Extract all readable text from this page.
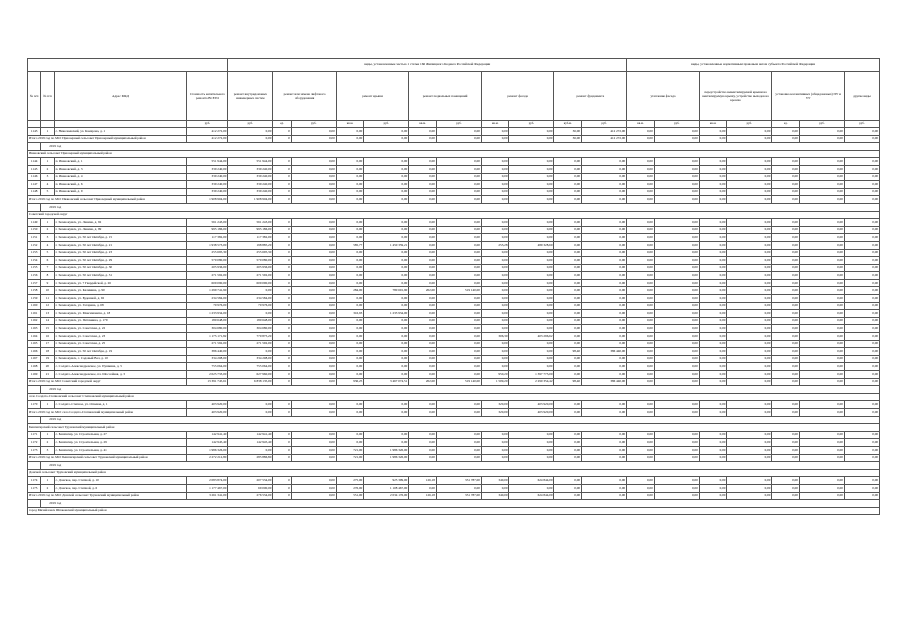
				виды, установленные частью 1 статьи 166 Жилищного Кодекса Российской Федерации											виды, установленные нормативным правовым актом субъекта Российской Федерации						
№ п/п	№ п/п	Адрес МКД	Стоимость капитального ремонта ВСЕГО	ремонт внутридомовых инженерных систем	ремонт или замена лифтового оборудования		ремонт крыши		ремонт подвальных помещений		ремонт фасада		ремонт фундамента		утепление фасада		переустройство невентилируемой крыши на вентилируемую крышу, устройство выходов на кровлю		установка коллективных (общедомовых) ПУ и УУ		другие виды
			руб.	руб.	ед.	руб.	кв.м.	руб.	кв.м.	руб.	кв.м.	руб.	куб.м.	руб.	кв.м.	руб.	кв.м.	руб.	ед.	руб.	руб.
1143	1	с. Николаевский, ул. Комарова, д. 1	412 272,00	0,00	0	0,00	0,00	0,00	0,00	0,00	0,00	0,00	36,00	412 272,00	0,00	0,00	0,00	0,00	0,00	0,00	0,00
Итого 2019 год по МО: Приозерный сельсовет Приозерный муниципальный район			412 272,00	0,00	0	0,00	0,00	0,00	0,00	0,00	0,00	0,00	36,00	412 272,00	0,00	0,00	0,00	0,00	0,00	0,00	0,00
	2019 год																				
Ивановский сельсовет Приозерный муниципальный район																					
1144	1	п. Ивановский, д. 1	551 944,00	551 944,00	0	0,00	0,00	0,00	0,00	0,00	0,00	0,00	0,00	0,00	0,00	0,00	0,00	0,00	0,00	0,00	0,00
1145	2	п. Ивановский, д. 3	339 240,00	339 240,00	0	0,00	0,00	0,00	0,00	0,00	0,00	0,00	0,00	0,00	0,00	0,00	0,00	0,00	0,00	0,00	0,00
1146	3	п. Ивановский, д. 4	339 240,00	339 240,00	0	0,00	0,00	0,00	0,00	0,00	0,00	0,00	0,00	0,00	0,00	0,00	0,00	0,00	0,00	0,00	0,00
1147	4	п. Ивановский, д. 6	339 240,00	339 240,00	0	0,00	0,00	0,00	0,00	0,00	0,00	0,00	0,00	0,00	0,00	0,00	0,00	0,00	0,00	0,00	0,00
1148	5	п. Ивановский, д. 9	339 240,00	339 240,00	0	0,00	0,00	0,00	0,00	0,00	0,00	0,00	0,00	0,00	0,00	0,00	0,00	0,00	0,00	0,00	0,00
Итого 2019 год по МО: Ивановский сельсовет Приозерный муниципальный район			1 908 904,00	1 908 904,00	0	0,00	0,00	0,00	0,00	0,00	0,00	0,00	0,00	0,00	0,00	0,00	0,00	0,00	0,00	0,00	0,00
	2019 год																				
Советский городской округ																					
1149	1	г. Зеленокумск, ул. Ленина, д. 92	561 243,00	561 243,00	0	0,00	0,00	0,00	0,00	0,00	0,00	0,00	0,00	0,00	0,00	0,00	0,00	0,00	0,00	0,00	0,00
1150	2	г. Зеленокумск, ул. Ленина, д. 99	995 186,00	995 186,00	0	0,00	0,00	0,00	0,00	0,00	0,00	0,00	0,00	0,00	0,00	0,00	0,00	0,00	0,00	0,00	0,00
1151	3	г. Зеленокумск, ул. 50 лет Октября, д. 15	117 382,00	117 382,00	0	0,00	0,00	0,00	0,00	0,00	0,00	0,00	0,00	0,00	0,00	0,00	0,00	0,00	0,00	0,00	0,00
1152	4	г. Зеленокумск, ул. 50 лет Октября, д. 21	1 938 573,00	198 885,20	0	0,00	585,77	1 450 359,21	0,00	0,00	253,28	489 328,60	0,00	0,00	0,00	0,00	0,00	0,00	0,00	0,00	0,00
1153	5	г. Зеленокумск, ул. 50 лет Октября, д. 23	255 695,30	255 695,30	0	0,00	0,00	0,00	0,00	0,00	0,00	0,00	0,00	0,00	0,00	0,00	0,00	0,00	0,00	0,00	0,00
1154	6	г. Зеленокумск, ул. 50 лет Октября, д. 29	570 080,00	570 080,00	0	0,00	0,00	0,00	0,00	0,00	0,00	0,00	0,00	0,00	0,00	0,00	0,00	0,00	0,00	0,00	0,00
1155	7	г. Зеленокумск, ул. 50 лет Октября, д. 30	205 936,00	205 936,00	0	0,00	0,00	0,00	0,00	0,00	0,00	0,00	0,00	0,00	0,00	0,00	0,00	0,00	0,00	0,00	0,00
1156	8	г. Зеленокумск, ул. 50 лет Октября, д. 31	271 592,00	271 592,00	0	0,00	0,00	0,00	0,00	0,00	0,00	0,00	0,00	0,00	0,00	0,00	0,00	0,00	0,00	0,00	0,00
1157	9	г. Зеленокумск, ул. 7 Гвардейской, д. 26	609 090,00	609 090,00	0	0,00	0,00	0,00	0,00	0,00	0,00	0,00	0,00	0,00	0,00	0,00	0,00	0,00	0,00	0,00	0,00
1158	10	г. Зеленокумск, ул. Калинина, д. 90	1 299 741,90	0,00	0	0,00	284,00	780 601,90	202,00	519 140,00	0,00	0,00	0,00	0,00	0,00	0,00	0,00	0,00	0,00	0,00	0,00
1159	11	г. Зеленокумск, ул. Буденной, д. 92	234 584,00	234 584,00	0	0,00	0,00	0,00	0,00	0,00	0,00	0,00	0,00	0,00	0,00	0,00	0,00	0,00	0,00	0,00	0,00
1160	12	г. Зеленокумск, ул. Гагарина, д. 68	70 976,00	70 976,00	0	0,00	0,00	0,00	0,00	0,00	0,00	0,00	0,00	0,00	0,00	0,00	0,00	0,00	0,00	0,00	0,00
1161	13	г. Зеленокумск, ул. Максимовича, д. 18	1 233 934,00	0,00	0	0,00	316,93	1 233 934,00	0,00	0,00	0,00	0,00	0,00	0,00	0,00	0,00	0,00	0,00	0,00	0,00	0,00
1162	14	г. Зеленокумск, ул. Пятачкина, д. 179	180 648,00	180 648,00	0	0,00	0,00	0,00	0,00	0,00	0,00	0,00	0,00	0,00	0,00	0,00	0,00	0,00	0,00	0,00	0,00
1163	15	г. Зеленокумск, ул. Советская, д. 22	304 680,00	304 680,00	0	0,00	0,00	0,00	0,00	0,00	0,00	0,00	0,00	0,00	0,00	0,00	0,00	0,00	0,00	0,00	0,00
1164	16	г. Зеленокумск, ул. Советская, д. 23	1 175 171,82	770 875,20	0	0,00	0,00	0,00	0,00	0,00	306,30	403 296,62	0,00	0,00	0,00	0,00	0,00	0,00	0,00	0,00	0,00
1165	17	г. Зеленокумск, ул. Советская, д. 25	271 592,00	271 592,00	0	0,00	0,00	0,00	0,00	0,00	0,00	0,00	0,00	0,00	0,00	0,00	0,00	0,00	0,00	0,00	0,00
1166	18	г. Зеленокумск, ул. 50 лет Октября, д. 19	386 440,00	0,00	0	0,00	0,00	0,00	0,00	0,00	0,00	0,00	98,40	386 440,00	0,00	0,00	0,00	0,00	0,00	0,00	0,00
1167	19	г. Зеленокумск, с. Садовый Вал, д. 10	334 208,00	334 208,00	0	0,00	0,00	0,00	0,00	0,00	0,00	0,00	0,00	0,00	0,00	0,00	0,00	0,00	0,00	0,00	0,00
1168	20	с. Солдато-Александровское, ул. Пушкина, д. 5	755 064,00	755 064,00	0	0,00	0,00	0,00	0,00	0,00	0,00	0,00	0,00	0,00	0,00	0,00	0,00	0,00	0,00	0,00	0,00
1169	21	с. Солдато-Александровское, пл. Шоссейная, д. 3	2 025 733,00	627 960,00	0	0,00	0,00	0,00	0,00	0,00	950,20	1 397 773,00	0,00	0,00	0,00	0,00	0,00	0,00	0,00	0,00	0,00
Итого 2019 год по МО: Советский городской округ			13 391 745,61	6 838 135,00	0	0,00	936,25	3 467 074,51	202,00	519 140,00	1 509,20	2 290 354,42	98,40	386 440,00	0,00	0,00	0,00	0,00	0,00	0,00	0,00
	2019 год																				
село Солдато-Степновский сельсовет Степновский муниципальный район																					
1170	1	с. Солдато-Степное, ул. Огневая, д. 1	403 920,00	0,00	0	0,00	0,00	0,00	0,00	0,00	320,00	403 920,00	0,00	0,00	0,00	0,00	0,00	0,00	0,00	0,00	0,00
Итого 2019 год по МО: село Солдато-Степновский муниципальный район			403 920,00	0,00	0	0,00	0,00	0,00	0,00	0,00	320,00	403 920,00	0,00	0,00	0,00	0,00	0,00	0,00	0,00	0,00	0,00
	2019 год																				
Бешпагирский сельсовет Труновский муниципальный район																					
1171	1	с. Бешпагир, ул. Строительная, д. 27	142 941,40	142 941,40	0	0,00	0,00	0,00	0,00	0,00	0,00	0,00	0,00	0,00	0,00	0,00	0,00	0,00	0,00	0,00	0,00
1172	2	с. Бешпагир, ул. Строительная, д. 29	142 945,40	142 945,40	0	0,00	0,00	0,00	0,00	0,00	0,00	0,00	0,00	0,00	0,00	0,00	0,00	0,00	0,00	0,00	0,00
1173	3	с. Бешпагир, ул. Строительная, д. 41	1 986 326,00	0,00	0	0,00	721,00	1 986 326,00	0,00	0,00	0,00	0,00	0,00	0,00	0,00	0,00	0,00	0,00	0,00	0,00	0,00
Итого 2019 год по МО: Бешпагирский сельсовет Труновский муниципальный район			2 272 212,80	285 886,80	0	0,00	721,00	1 986 326,00	0,00	0,00	0,00	0,00	0,00	0,00	0,00	0,00	0,00	0,00	0,00	0,00	0,00
	2019 год																				
Донской сельсовет Труновский муниципальный район																					
1174	1	с. Донское, пер. Степной, д. 10	2 083 874,00	207 534,00	0	0,00	275,00	925 399,00	126,18	331 787,00	340,00	624 844,00	0,00	0,00	0,00	0,00	0,00	0,00	0,00	0,00	0,00
1175	2	с. Донское, пер. Степной, д. 6	1 177 467,00	69 000,00	0	0,00	276,00	1 108 467,00	0,00	0,00	0,00	0,00	0,00	0,00	0,00	0,00	0,00	0,00	0,00	0,00	0,00
Итого 2019 год по МО: Донской сельсовет Труновский муниципальный район			3 261 341,00	276 534,00	0	0,00	551,00	2 034 176,00	126,18	331 787,00	340,00	624 844,00	0,00	0,00	0,00	0,00	0,00	0,00	0,00	0,00	0,00
	2019 год																				
город Михайловск Шпаковский муниципальный район																					
